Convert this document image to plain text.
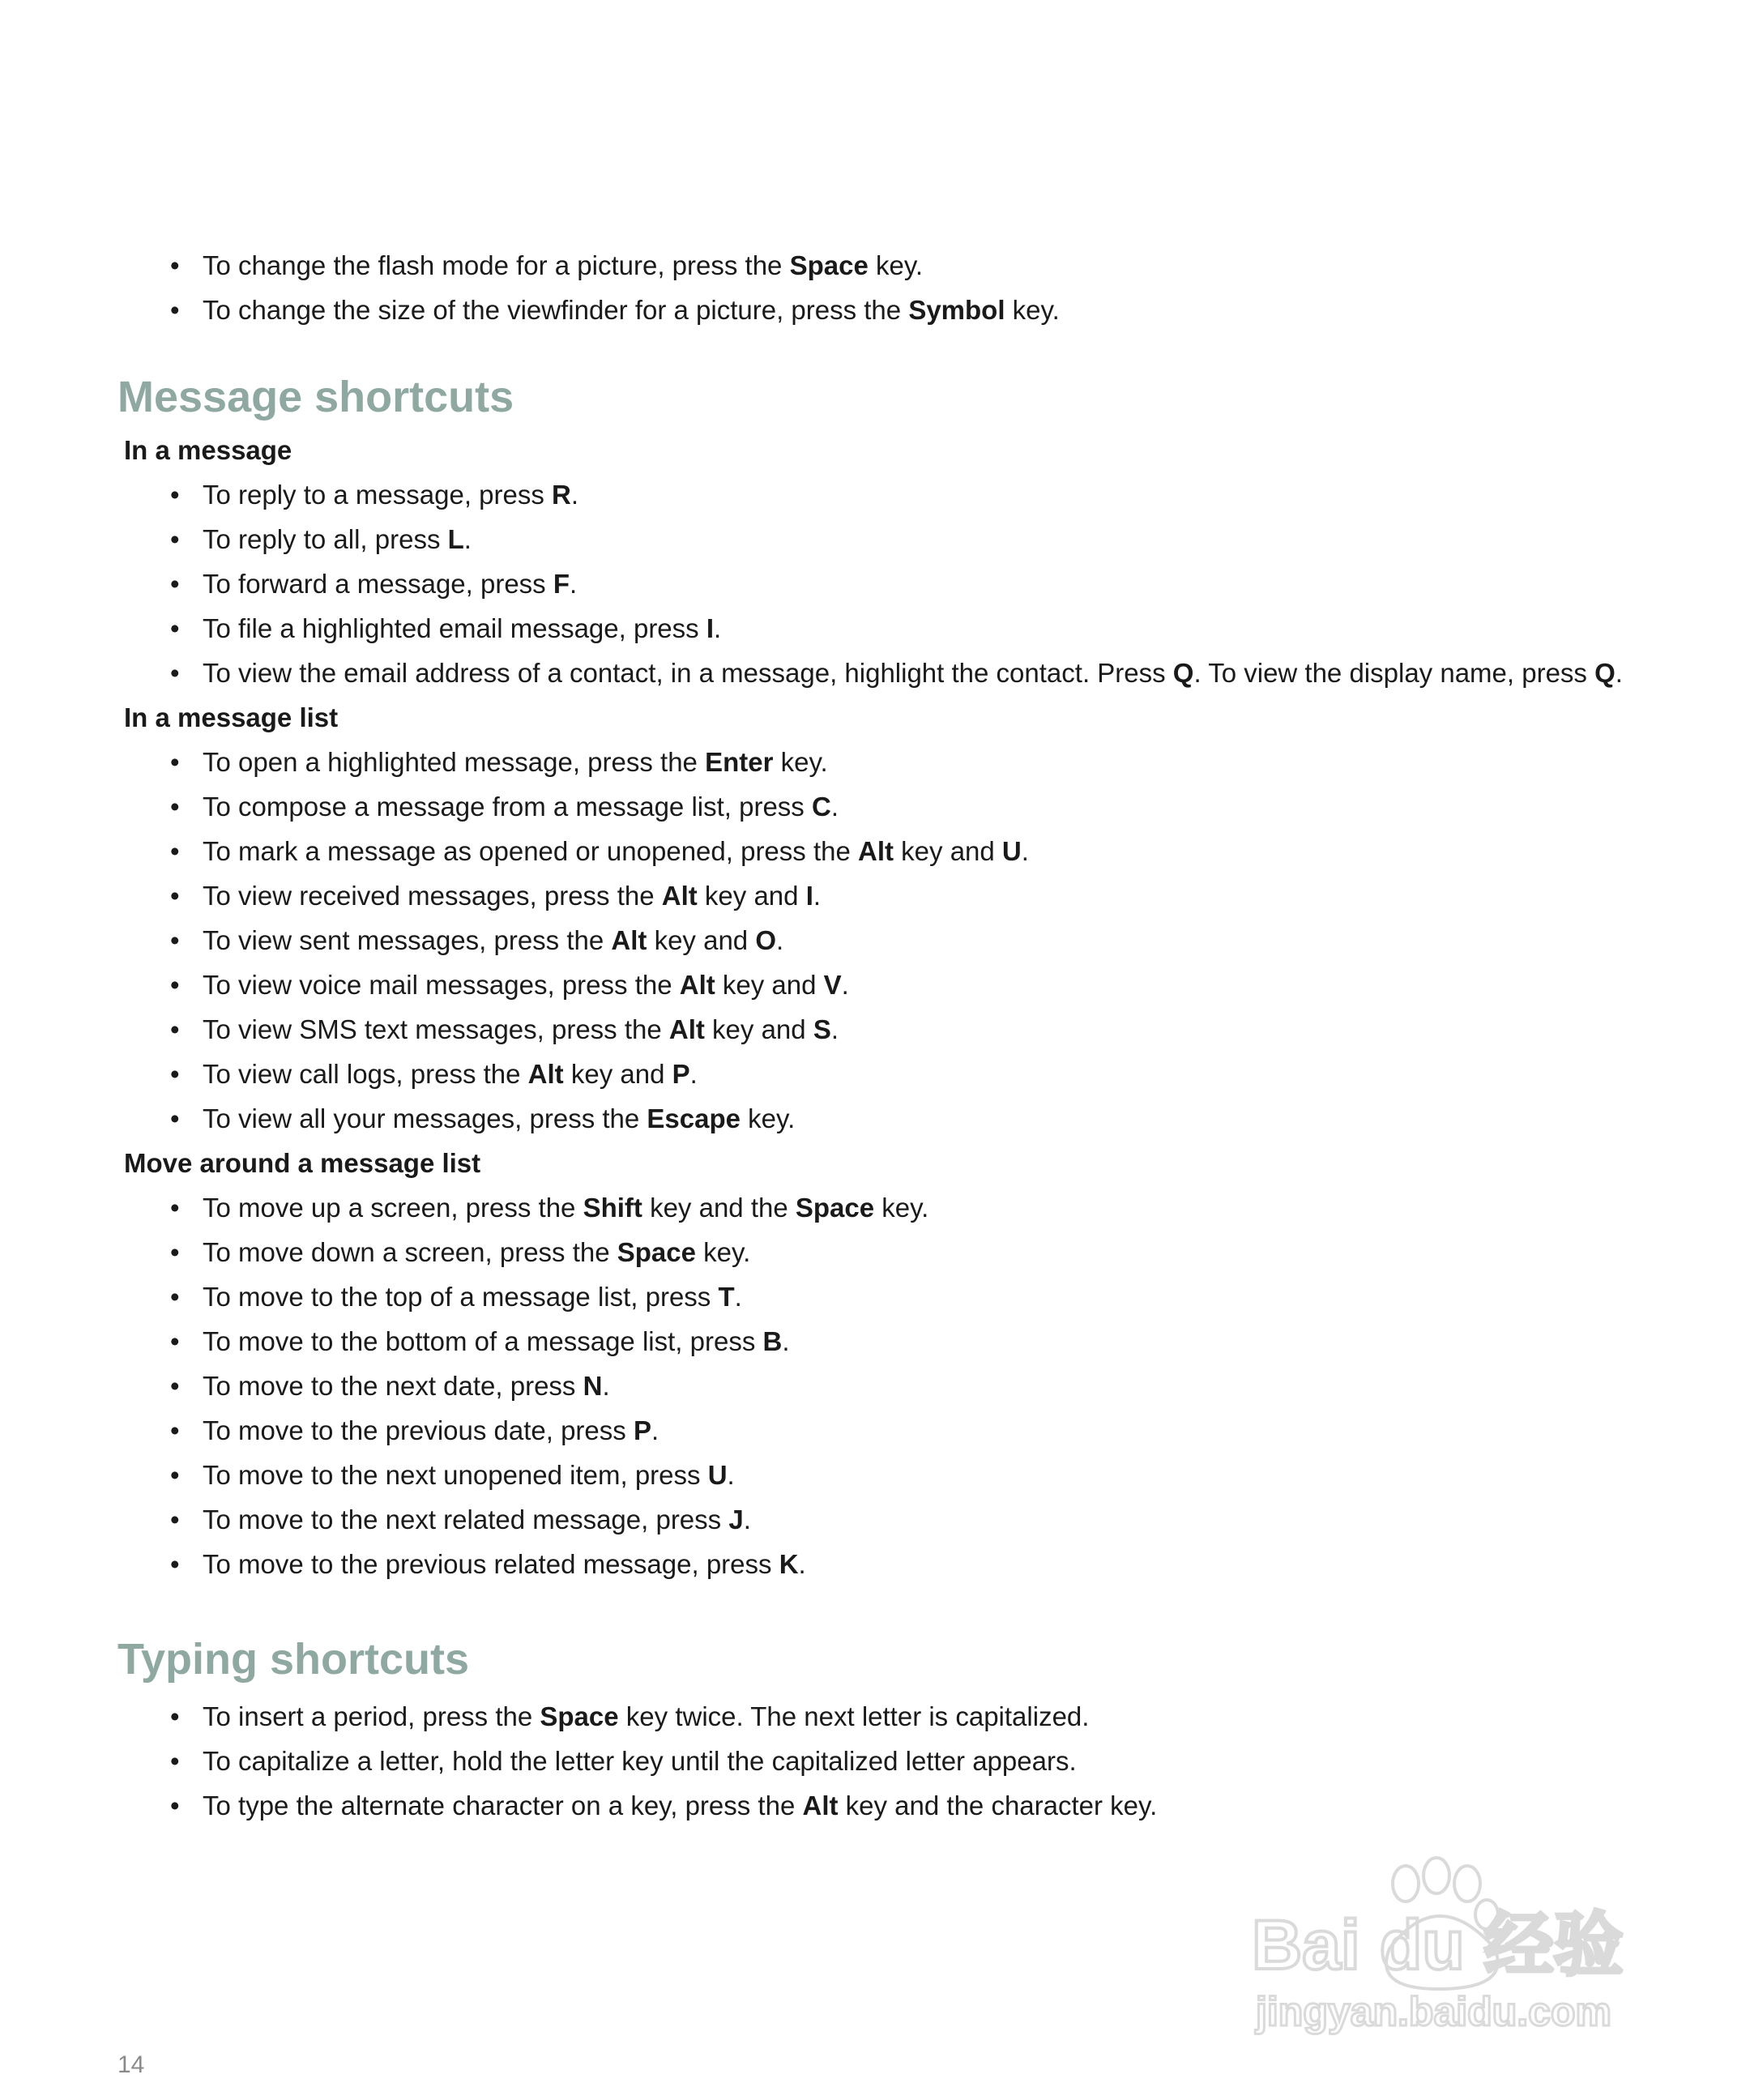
• To change the flash mode for a picture, press the Space key.
• To change the size of the viewfinder for a picture, press the Symbol key.
Message shortcuts
In a message
• To reply to a message, press R.
• To reply to all, press L.
• To forward a message, press F.
• To file a highlighted email message, press I.
• To view the email address of a contact, in a message, highlight the contact. Press Q. To view the display name, press Q.
In a message list
• To open a highlighted message, press the Enter key.
• To compose a message from a message list, press C.
• To mark a message as opened or unopened, press the Alt key and U.
• To view received messages, press the Alt key and I.
• To view sent messages, press the Alt key and O.
• To view voice mail messages, press the Alt key and V.
• To view SMS text messages, press the Alt key and S.
• To view call logs, press the Alt key and P.
• To view all your messages, press the Escape key.
Move around a message list
• To move up a screen, press the Shift key and the Space key.
• To move down a screen, press the Space key.
• To move to the top of a message list, press T.
• To move to the bottom of a message list, press B.
• To move to the next date, press N.
• To move to the previous date, press P.
• To move to the next unopened item, press U.
• To move to the next related message, press J.
• To move to the previous related message, press K.
Typing shortcuts
• To insert a period, press the Space key twice. The next letter is capitalized.
• To capitalize a letter, hold the letter key until the capitalized letter appears.
• To type the alternate character on a key, press the Alt key and the character key.
14
Bai du 经验
jingyan.baidu.com
